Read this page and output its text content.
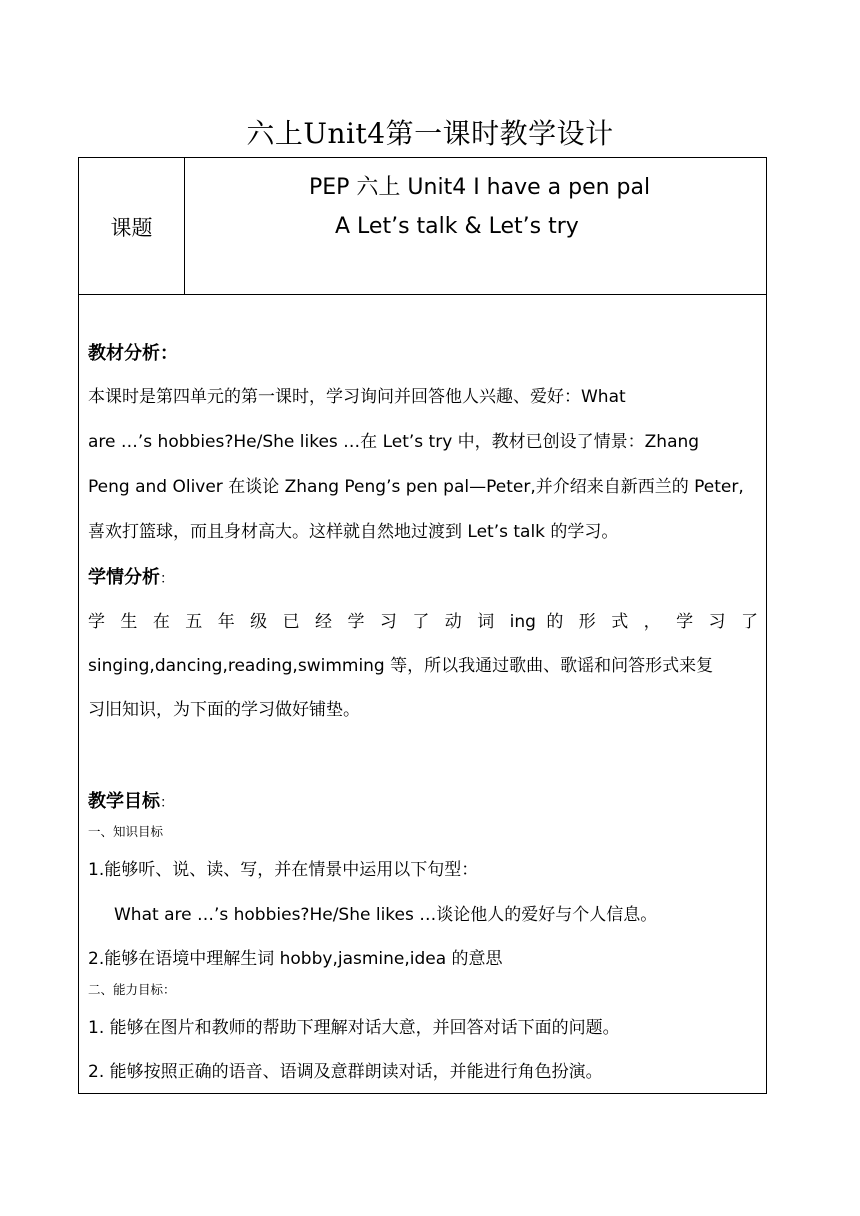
六上Unit4第一课时教学设计
课题
PEP 六上 Unit4 I have a pen pal
A Let’s talk & Let’s try
教材分析：
本课时是第四单元的第一课时，学习询问并回答他人兴趣、爱好：What
are …’s hobbies?He/She likes …在 Let’s try 中，教材已创设了情景：Zhang
Peng and Oliver 在谈论 Zhang Peng’s pen pal—Peter,并介绍来自新西兰的 Peter,
喜欢打篮球，而且身材高大。这样就自然地过渡到 Let’s talk 的学习。
学情分析：
学 生 在 五 年 级 已 经 学 习 了 动 词 ing 的 形 式 ， 学 习 了
singing,dancing,reading,swimming 等，所以我通过歌曲、歌谣和问答形式来复
习旧知识，为下面的学习做好铺垫。
教学目标：
一、知识目标
1.能够听、说、读、写，并在情景中运用以下句型：
What are …’s hobbies?He/She likes …谈论他人的爱好与个人信息。
2.能够在语境中理解生词 hobby,jasmine,idea 的意思
二、能力目标：
1. 能够在图片和教师的帮助下理解对话大意，并回答对话下面的问题。
2. 能够按照正确的语音、语调及意群朗读对话，并能进行角色扮演。
